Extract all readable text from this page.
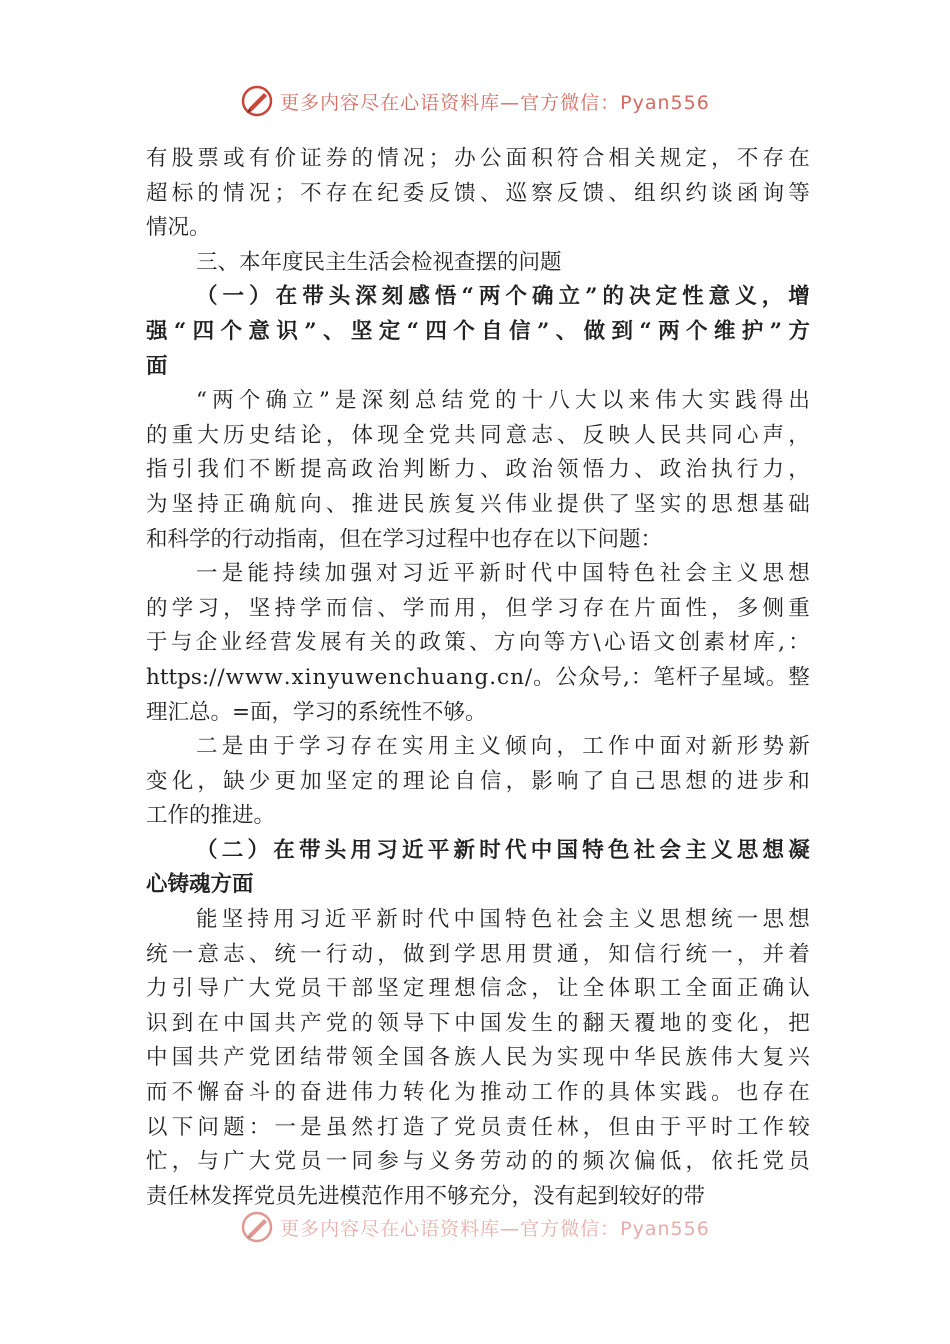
更多内容尽在心语资料库—官方微信：Pyan556
有 股 票 或 有 价 证 券 的 情 况 ； 办 公 面 积 符 合 相 关 规 定 ， 不 存 在
超 标 的 情 况 ； 不 存 在 纪 委 反 馈 、 巡 察 反 馈 、 组 织 约 谈 函 询 等
情况。
三、本年度民主生活会检视查摆的问题
（ 一 ） 在 带 头 深 刻 感 悟 “ 两 个 确 立 ” 的 决 定 性 意 义 ， 增
强 “ 四 个 意 识 ” 、 坚 定 “ 四 个 自 信 ” 、 做 到 “ 两 个 维 护 ” 方
面
“ 两 个 确 立 ” 是 深 刻 总 结 党 的 十 八 大 以 来 伟 大 实 践 得 出
的 重 大 历 史 结 论 ， 体 现 全 党 共 同 意 志 、 反 映 人 民 共 同 心 声 ，
指 引 我 们 不 断 提 高 政 治 判 断 力 、 政 治 领 悟 力 、 政 治 执 行 力 ，
为 坚 持 正 确 航 向 、 推 进 民 族 复 兴 伟 业 提 供 了 坚 实 的 思 想 基 础
和科学的行动指南，但在学习过程中也存在以下问题：
一 是 能 持 续 加 强 对 习 近 平 新 时 代 中 国 特 色 社 会 主 义 思 想
的 学 习 ， 坚 持 学 而 信 、 学 而 用 ， 但 学 习 存 在 片 面 性 ， 多 侧 重
于 与 企 业 经 营 发 展 有 关 的 政 策 、 方 向 等 方 \ 心 语 文 创 素 材 库 , ：
https:/ / w w w . x i n y u w e n c h u a n g . c n / 。 公 众 号 , ： 笔 杆 子 星 域 。 整
理汇总。=面，学习的系统性不够。
二 是 由 于 学 习 存 在 实 用 主 义 倾 向 ， 工 作 中 面 对 新 形 势 新
变 化 ， 缺 少 更 加 坚 定 的 理 论 自 信 ， 影 响 了 自 己 思 想 的 进 步 和
工作的推进。
（ 二 ） 在 带 头 用 习 近 平 新 时 代 中 国 特 色 社 会 主 义 思 想 凝
心铸魂方面
能 坚 持 用 习 近 平 新 时 代 中 国 特 色 社 会 主 义 思 想 统 一 思 想
统 一 意 志 、 统 一 行 动 ， 做 到 学 思 用 贯 通 ， 知 信 行 统 一 ， 并 着
力 引 导 广 大 党 员 干 部 坚 定 理 想 信 念 ， 让 全 体 职 工 全 面 正 确 认
识 到 在 中 国 共 产 党 的 领 导 下 中 国 发 生 的 翻 天 覆 地 的 变 化 ， 把
中 国 共 产 党 团 结 带 领 全 国 各 族 人 民 为 实 现 中 华 民 族 伟 大 复 兴
而 不 懈 奋 斗 的 奋 进 伟 力 转 化 为 推 动 工 作 的 具 体 实 践 。 也 存 在
以 下 问 题 ： 一 是 虽 然 打 造 了 党 员 责 任 林 ， 但 由 于 平 时 工 作 较
忙 ， 与 广 大 党 员 一 同 参 与 义 务 劳 动 的 的 频 次 偏 低 ， 依 托 党 员
责任林发挥党员先进模范作用不够充分，没有起到较好的带
更多内容尽在心语资料库—官方微信：Pyan556
